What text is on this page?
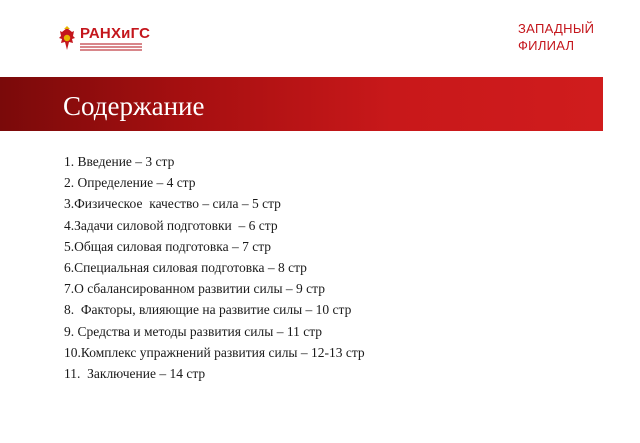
РАНХиГС	ЗАПАДНЫЙ
ФИЛИАЛ
Содержание
1. Введение – 3 стр
2. Определение – 4 стр
3.Физическое  качество – сила – 5 стр
4.Задачи силовой подготовки  – 6 стр
5.Общая силовая подготовка – 7 стр
6.Специальная силовая подготовка – 8 стр
7.О сбалансированном развитии силы – 9 стр
8.  Факторы, влияющие на развитие силы – 10 стр
9. Средства и методы развития силы – 11 стр
10.Комплекс упражнений развития силы – 12-13 стр
11.  Заключение – 14 стр
